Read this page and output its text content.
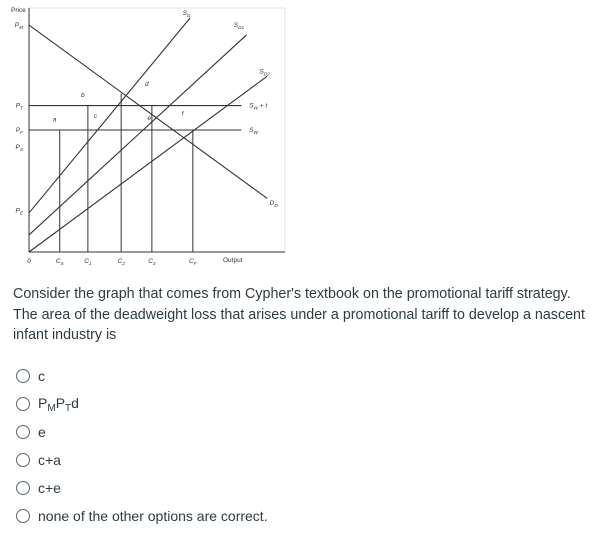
Price
Output
$D_D$
$S_D$
$S_{D1}$
$S_{D2}$
$S_W + t$
$S_W$
$P_M$
$P_T$
$P_F$
$P_S$
$P_E$
0	$C_S$	$C_1$	$C_2$	$C_3$	$C_F$
a
b
c
d
e
f
Consider the graph that comes from Cypher's textbook on the promotional tariff strategy. The area of the deadweight loss that arises under a promotional tariff to develop a nascent infant industry is
c
$P_MP_Td$
e
c+a
c+e
none of the other options are correct.
